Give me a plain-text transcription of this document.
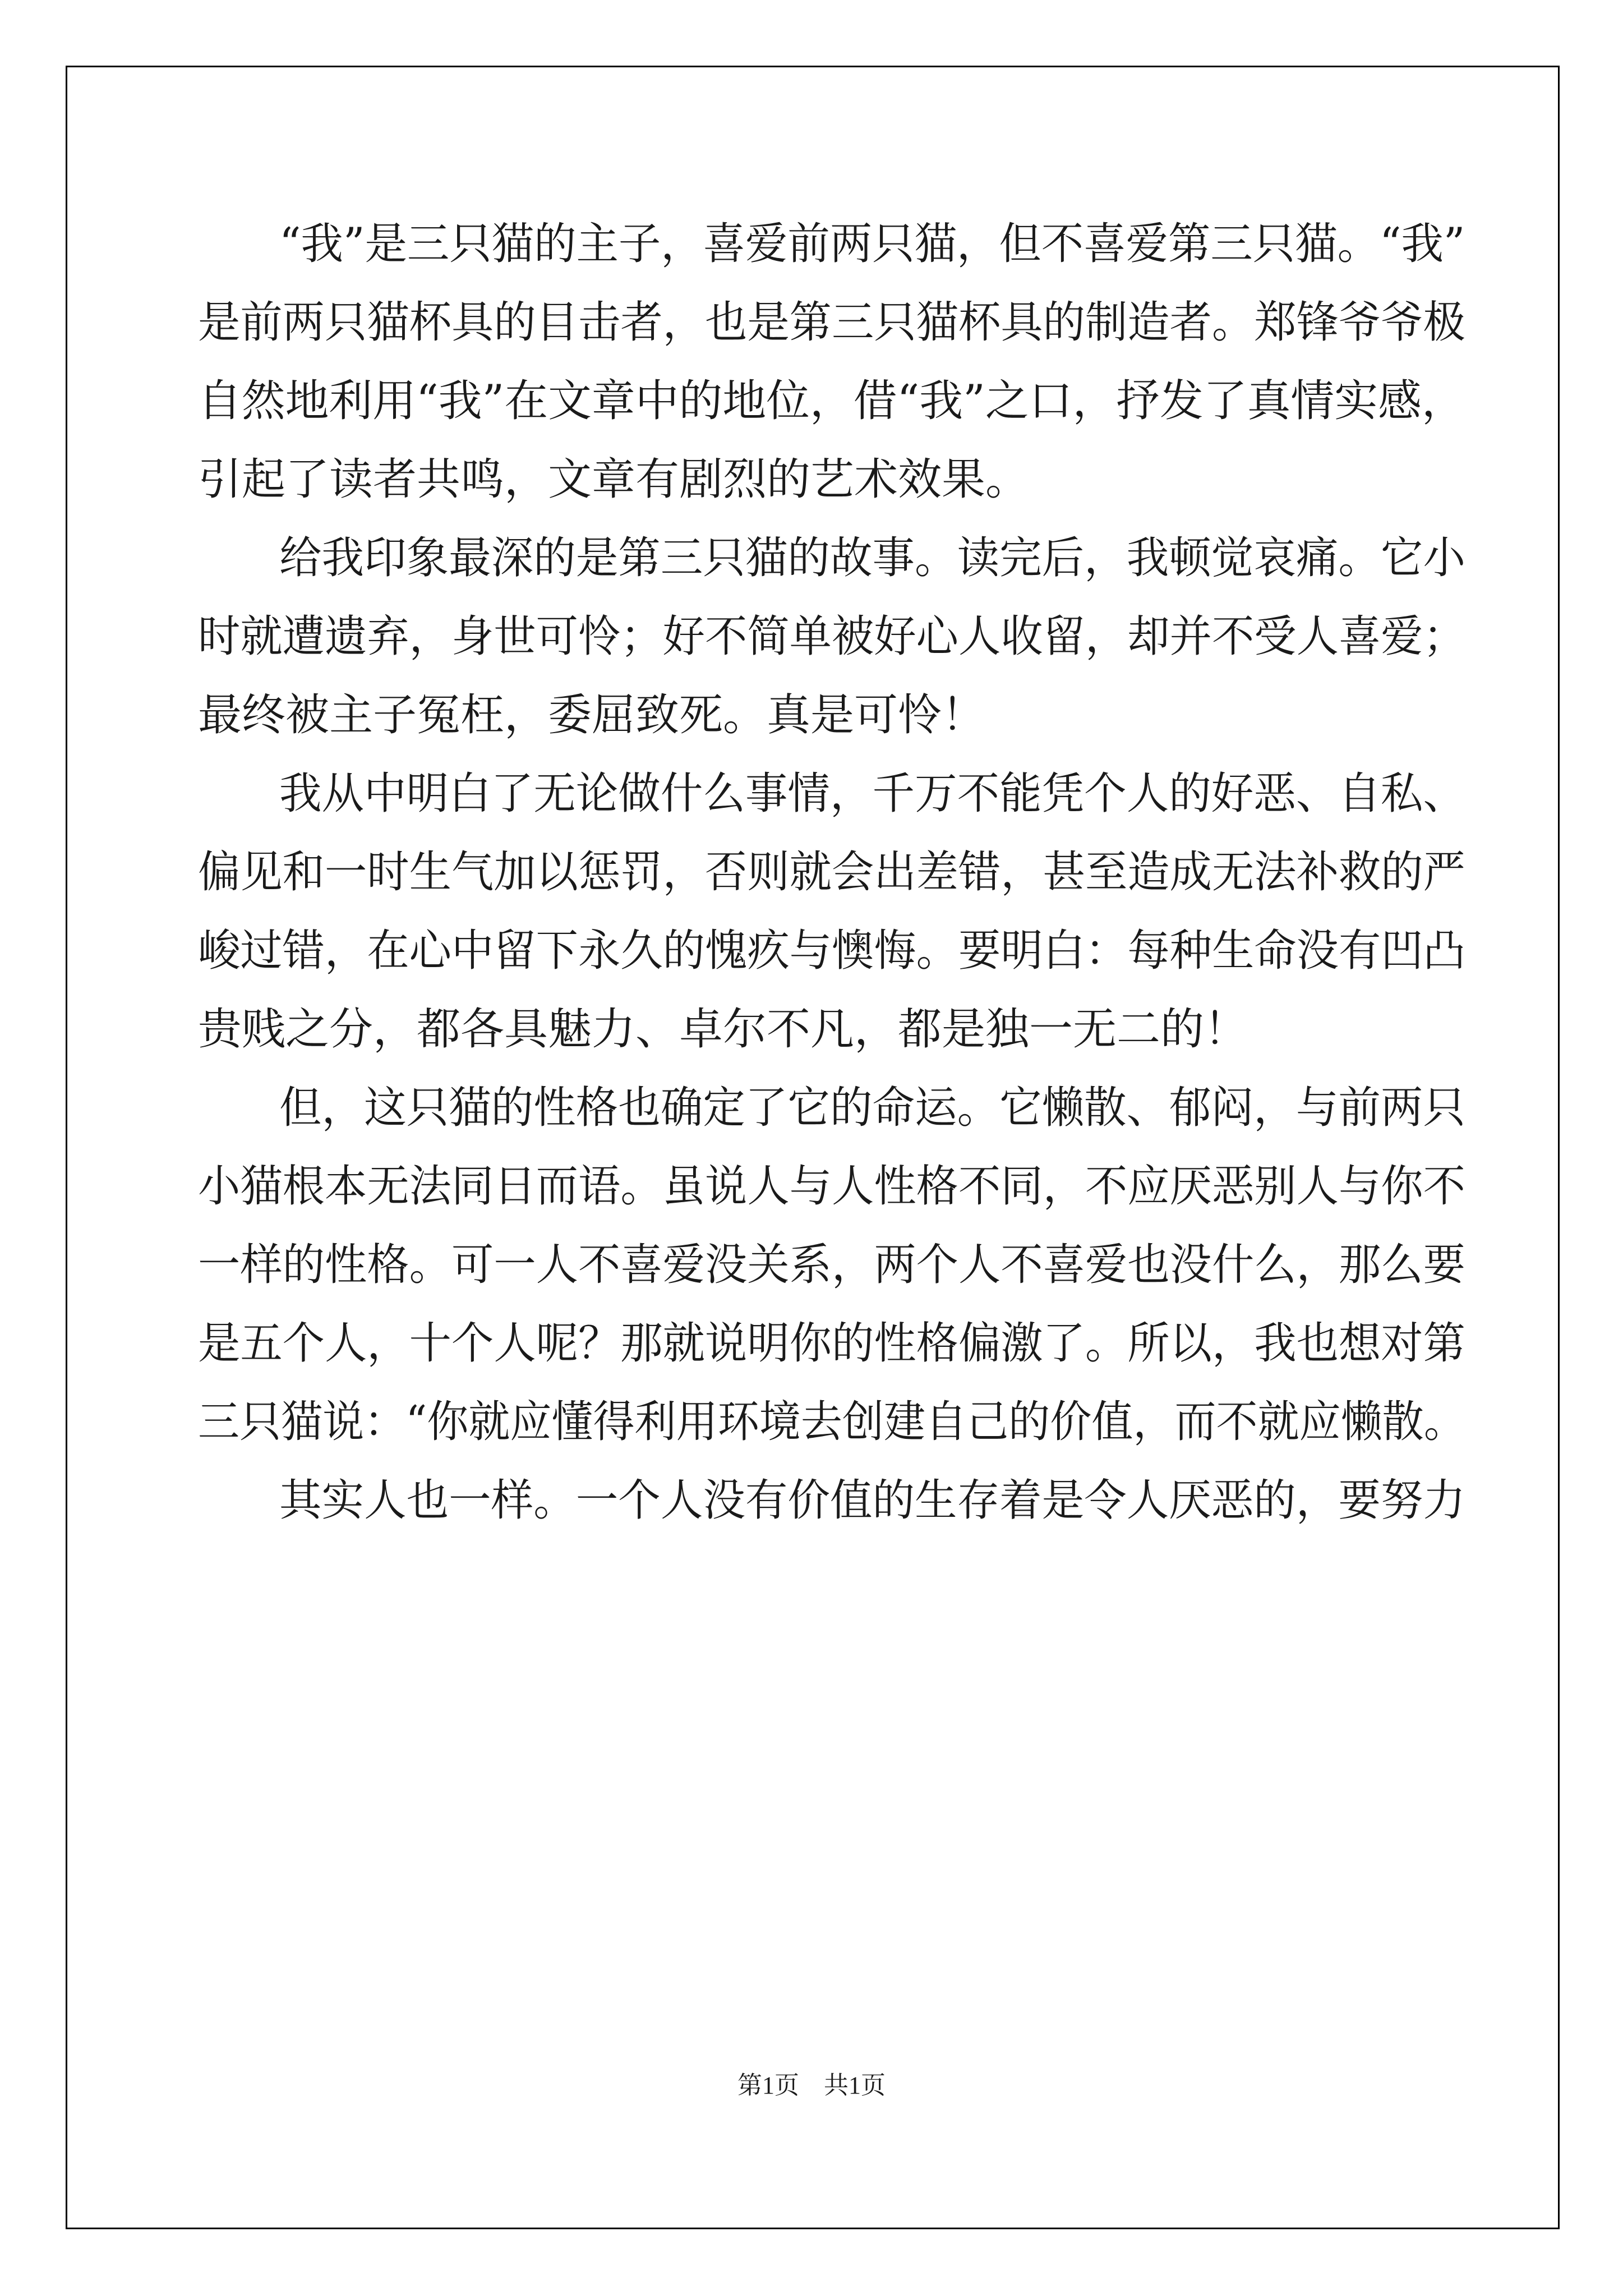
“我”是三只猫的主子，喜爱前两只猫，但不喜爱第三只猫。“我”
是前两只猫杯具的目击者，也是第三只猫杯具的制造者。郑锋爷爷极
自然地利用“我”在文章中的地位，借“我”之口，抒发了真情实感，
引起了读者共鸣，文章有剧烈的艺术效果。
给我印象最深的是第三只猫的故事。读完后，我顿觉哀痛。它小
时就遭遗弃，身世可怜；好不简单被好心人收留，却并不受人喜爱；
最终被主子冤枉，委屈致死。真是可怜！
我从中明白了无论做什么事情，千万不能凭个人的好恶、自私、
偏见和一时生气加以惩罚，否则就会出差错，甚至造成无法补救的严
峻过错，在心中留下永久的愧疚与懊悔。要明白：每种生命没有凹凸
贵贱之分，都各具魅力、卓尔不凡，都是独一无二的！
但，这只猫的性格也确定了它的命运。它懒散、郁闷，与前两只
小猫根本无法同日而语。虽说人与人性格不同，不应厌恶别人与你不
一样的性格。可一人不喜爱没关系，两个人不喜爱也没什么，那么要
是五个人，十个人呢？那就说明你的性格偏激了。所以，我也想对第
三只猫说：“你就应懂得利用环境去创建自己的价值，而不就应懒散。
其实人也一样。一个人没有价值的生存着是令人厌恶的，要努力
第1页 共1页
